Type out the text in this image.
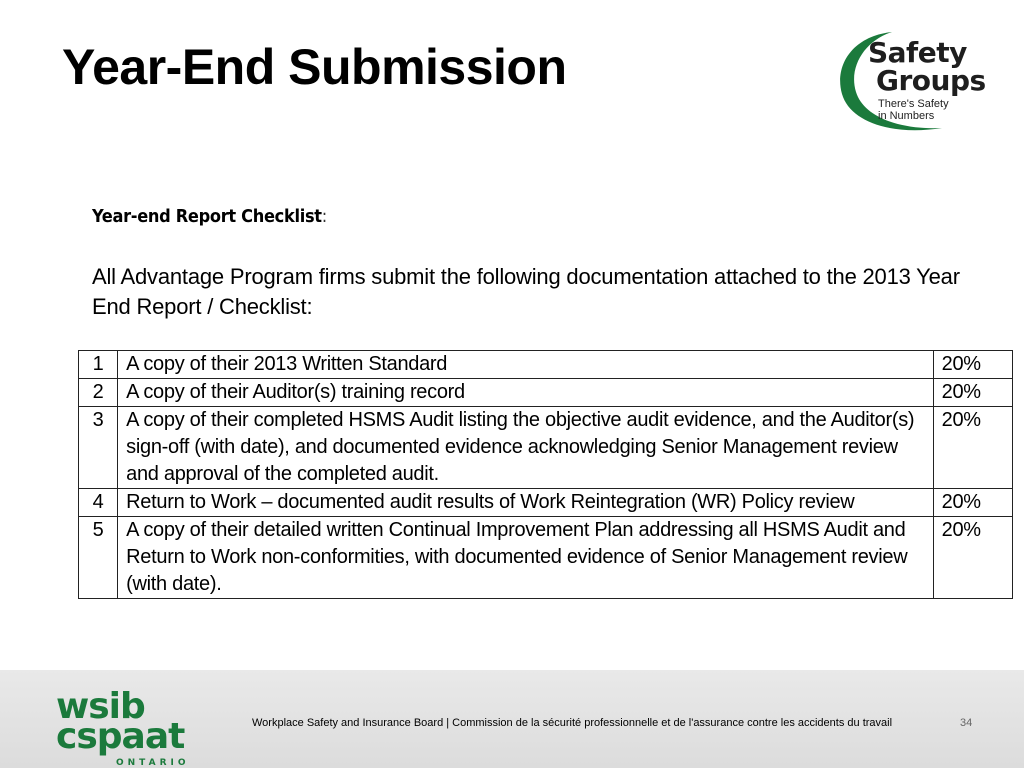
Year-End Submission	Safety
Groups
There's Safety
in Numbers
Year-end Report Checklist:
All Advantage Program firms submit the following documentation attached to the 2013 Year End Report / Checklist:
1	A copy of their 2013 Written Standard	20%
2	A copy of their Auditor(s) training record	20%
3	A copy of their completed HSMS Audit listing the objective audit evidence, and the Auditor(s) sign-off (with date), and documented evidence acknowledging Senior Management review and approval of the completed audit.	20%
4	Return to Work – documented audit results of Work Reintegration (WR) Policy review	20%
5	A copy of their detailed written Continual Improvement Plan addressing all HSMS Audit and Return to Work non-conformities, with documented evidence of Senior Management review (with date).	20%
wsib
cspaat
ONTARIO
Workplace Safety and Insurance Board | Commission de la sécurité professionnelle et de l'assurance contre les accidents du travail	34
